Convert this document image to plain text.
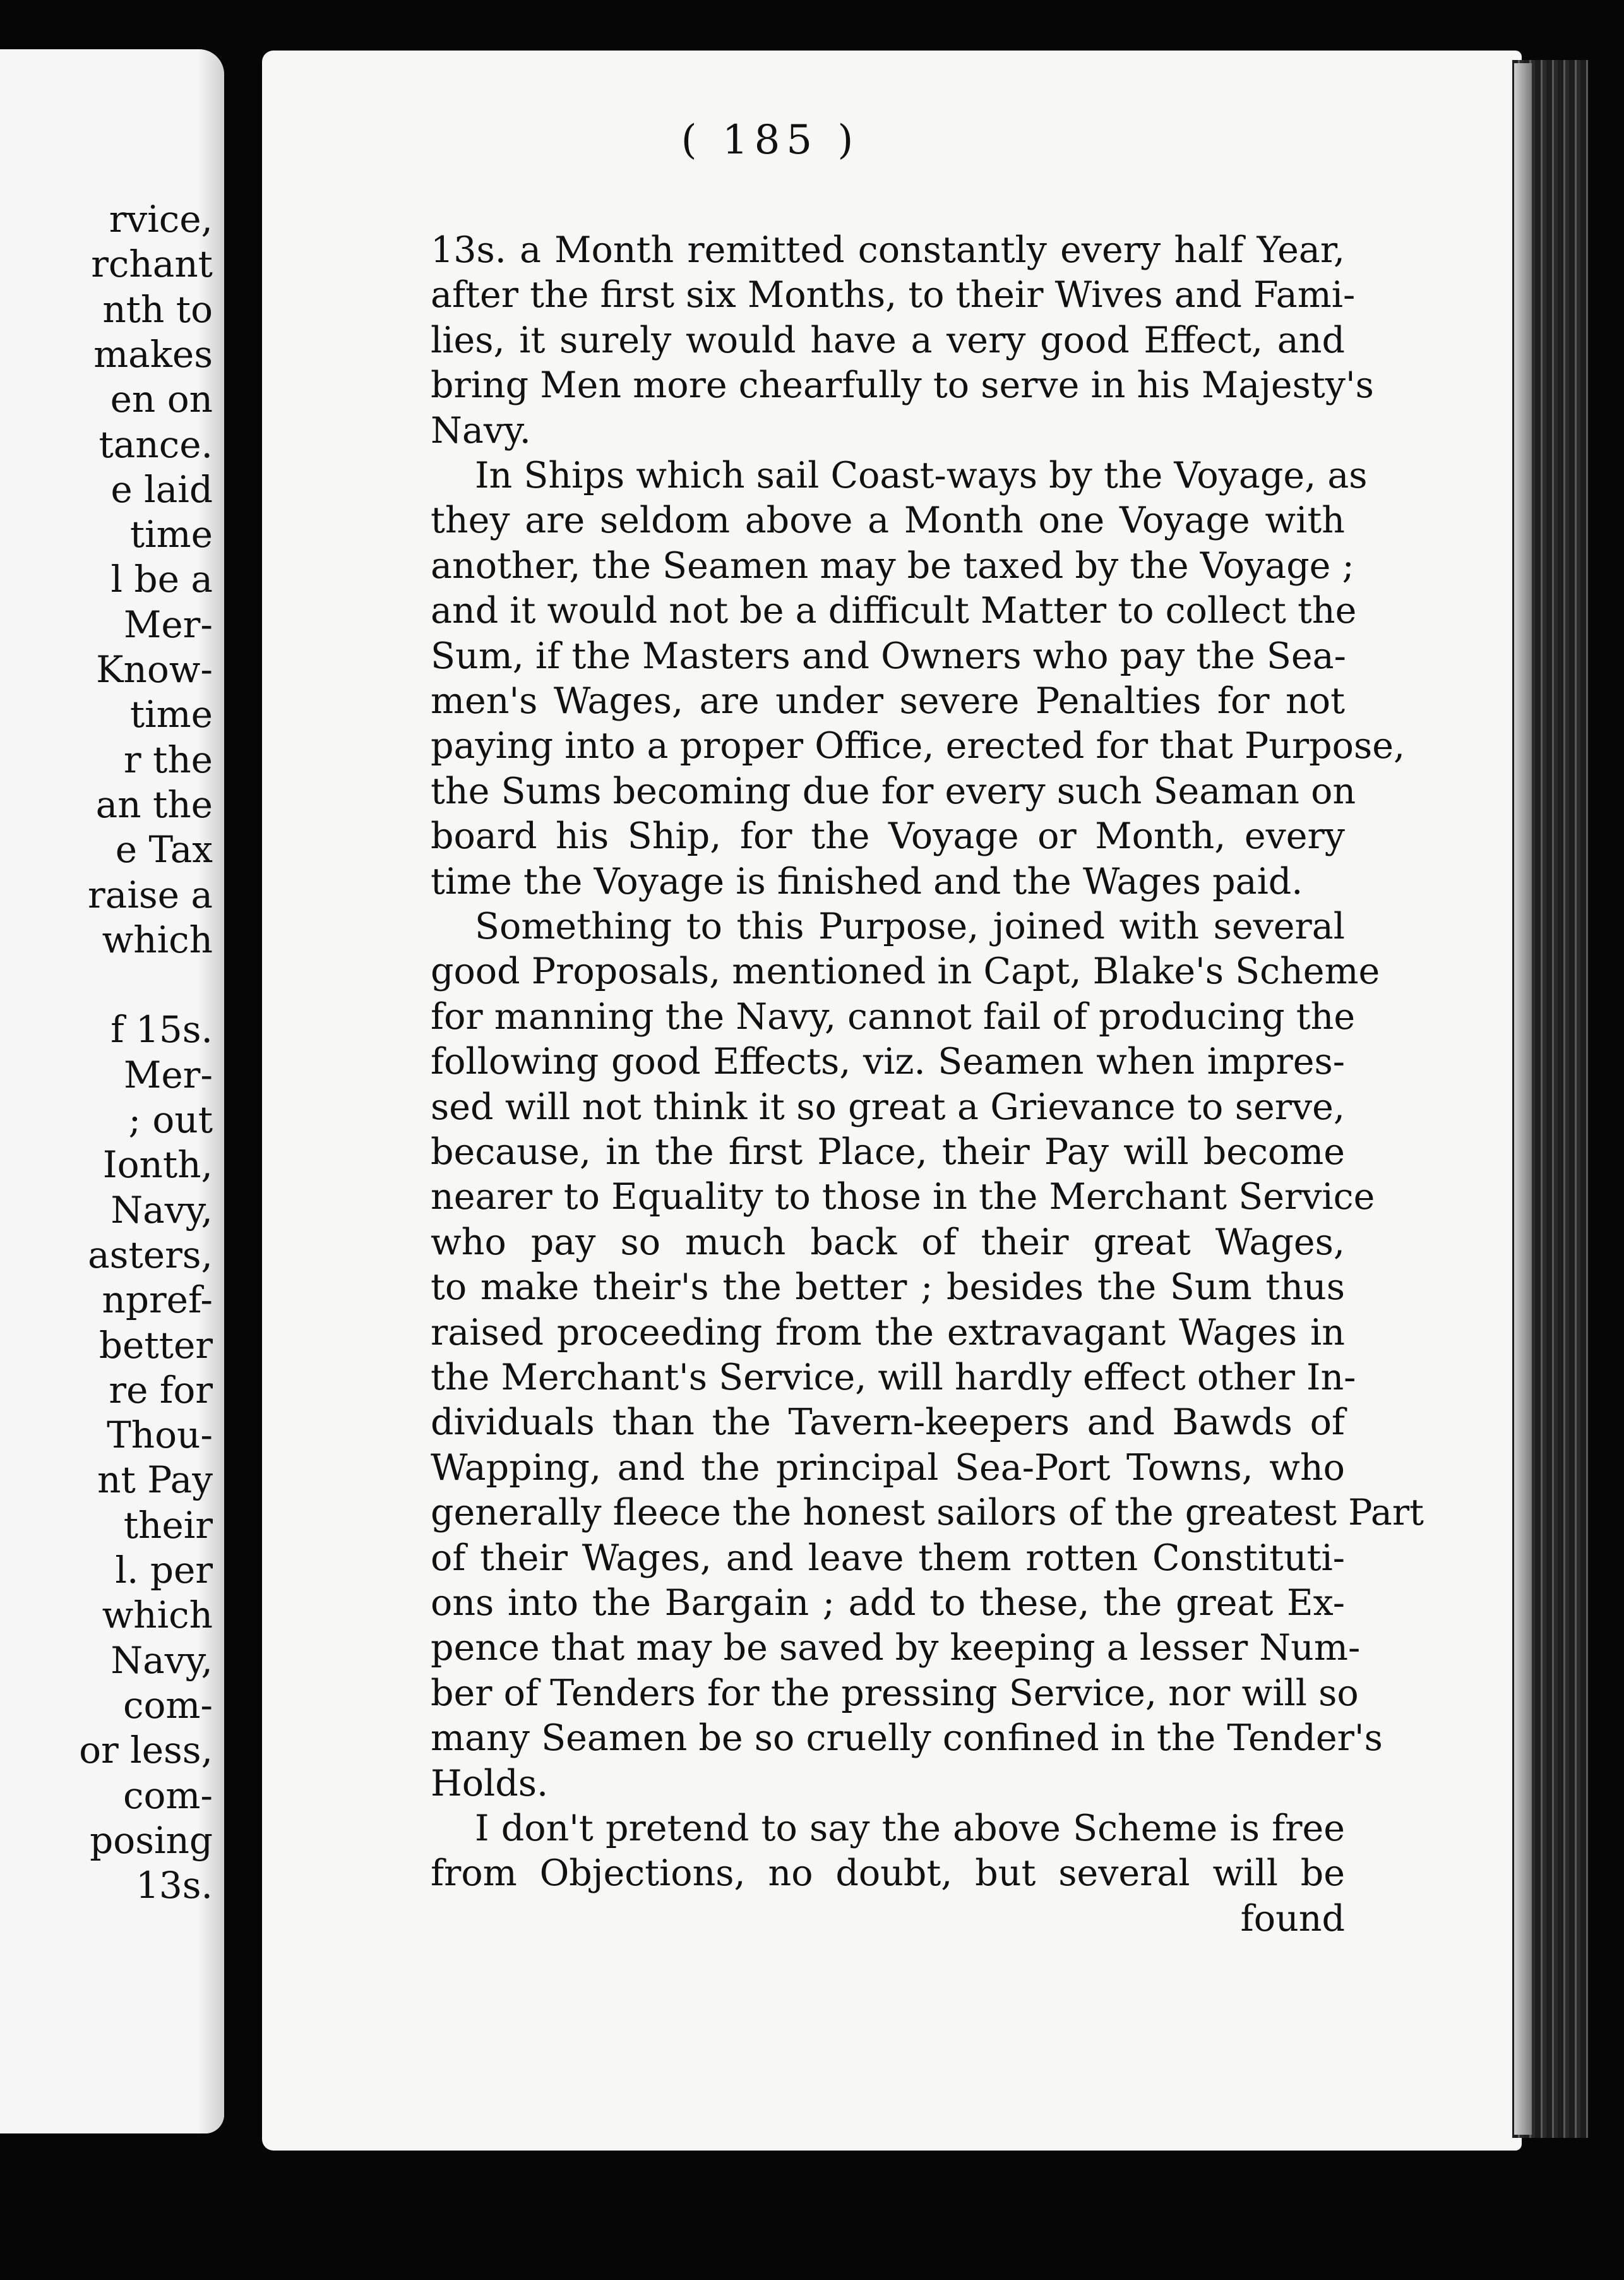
rvice,
rchant
nth to
makes
en on
tance.
e laid
time
l be a
Mer-
Know-
time
r the
an the
e Tax
raise a
which
f 15s.
Mer-
; out
Ionth,
Navy,
asters,
npref-
better
re for
Thou-
nt Pay
their
l. per
which
Navy,
com-
or less,
com-
posing
13s.
( 185 )
13s. a Month remitted constantly every half Year,
after the first six Months, to their Wives and Fami-
lies, it surely would have a very good Effect, and
bring Men more chearfully to serve in his Majesty's
Navy.
In Ships which sail Coast-ways by the Voyage, as
they are seldom above a Month one Voyage with
another, the Seamen may be taxed by the Voyage ;
and it would not be a difficult Matter to collect the
Sum, if the Masters and Owners who pay the Sea-
men's Wages, are under severe Penalties for not
paying into a proper Office, erected for that Purpose,
the Sums becoming due for every such Seaman on
board his Ship, for the Voyage or Month, every
time the Voyage is finished and the Wages paid.
Something to this Purpose, joined with several
good Proposals, mentioned in Capt, Blake's Scheme
for manning the Navy, cannot fail of producing the
following good Effects, viz. Seamen when impres-
sed will not think it so great a Grievance to serve,
because, in the first Place, their Pay will become
nearer to Equality to those in the Merchant Service
who pay so much back of their great Wages,
to make their's the better ; besides the Sum thus
raised proceeding from the extravagant Wages in
the Merchant's Service, will hardly effect other In-
dividuals than the Tavern-keepers and Bawds of
Wapping, and the principal Sea-Port Towns, who
generally fleece the honest sailors of the greatest Part
of their Wages, and leave them rotten Constituti-
ons into the Bargain ; add to these, the great Ex-
pence that may be saved by keeping a lesser Num-
ber of Tenders for the pressing Service, nor will so
many Seamen be so cruelly confined in the Tender's
Holds.
I don't pretend to say the above Scheme is free
from Objections, no doubt, but several will be
found
